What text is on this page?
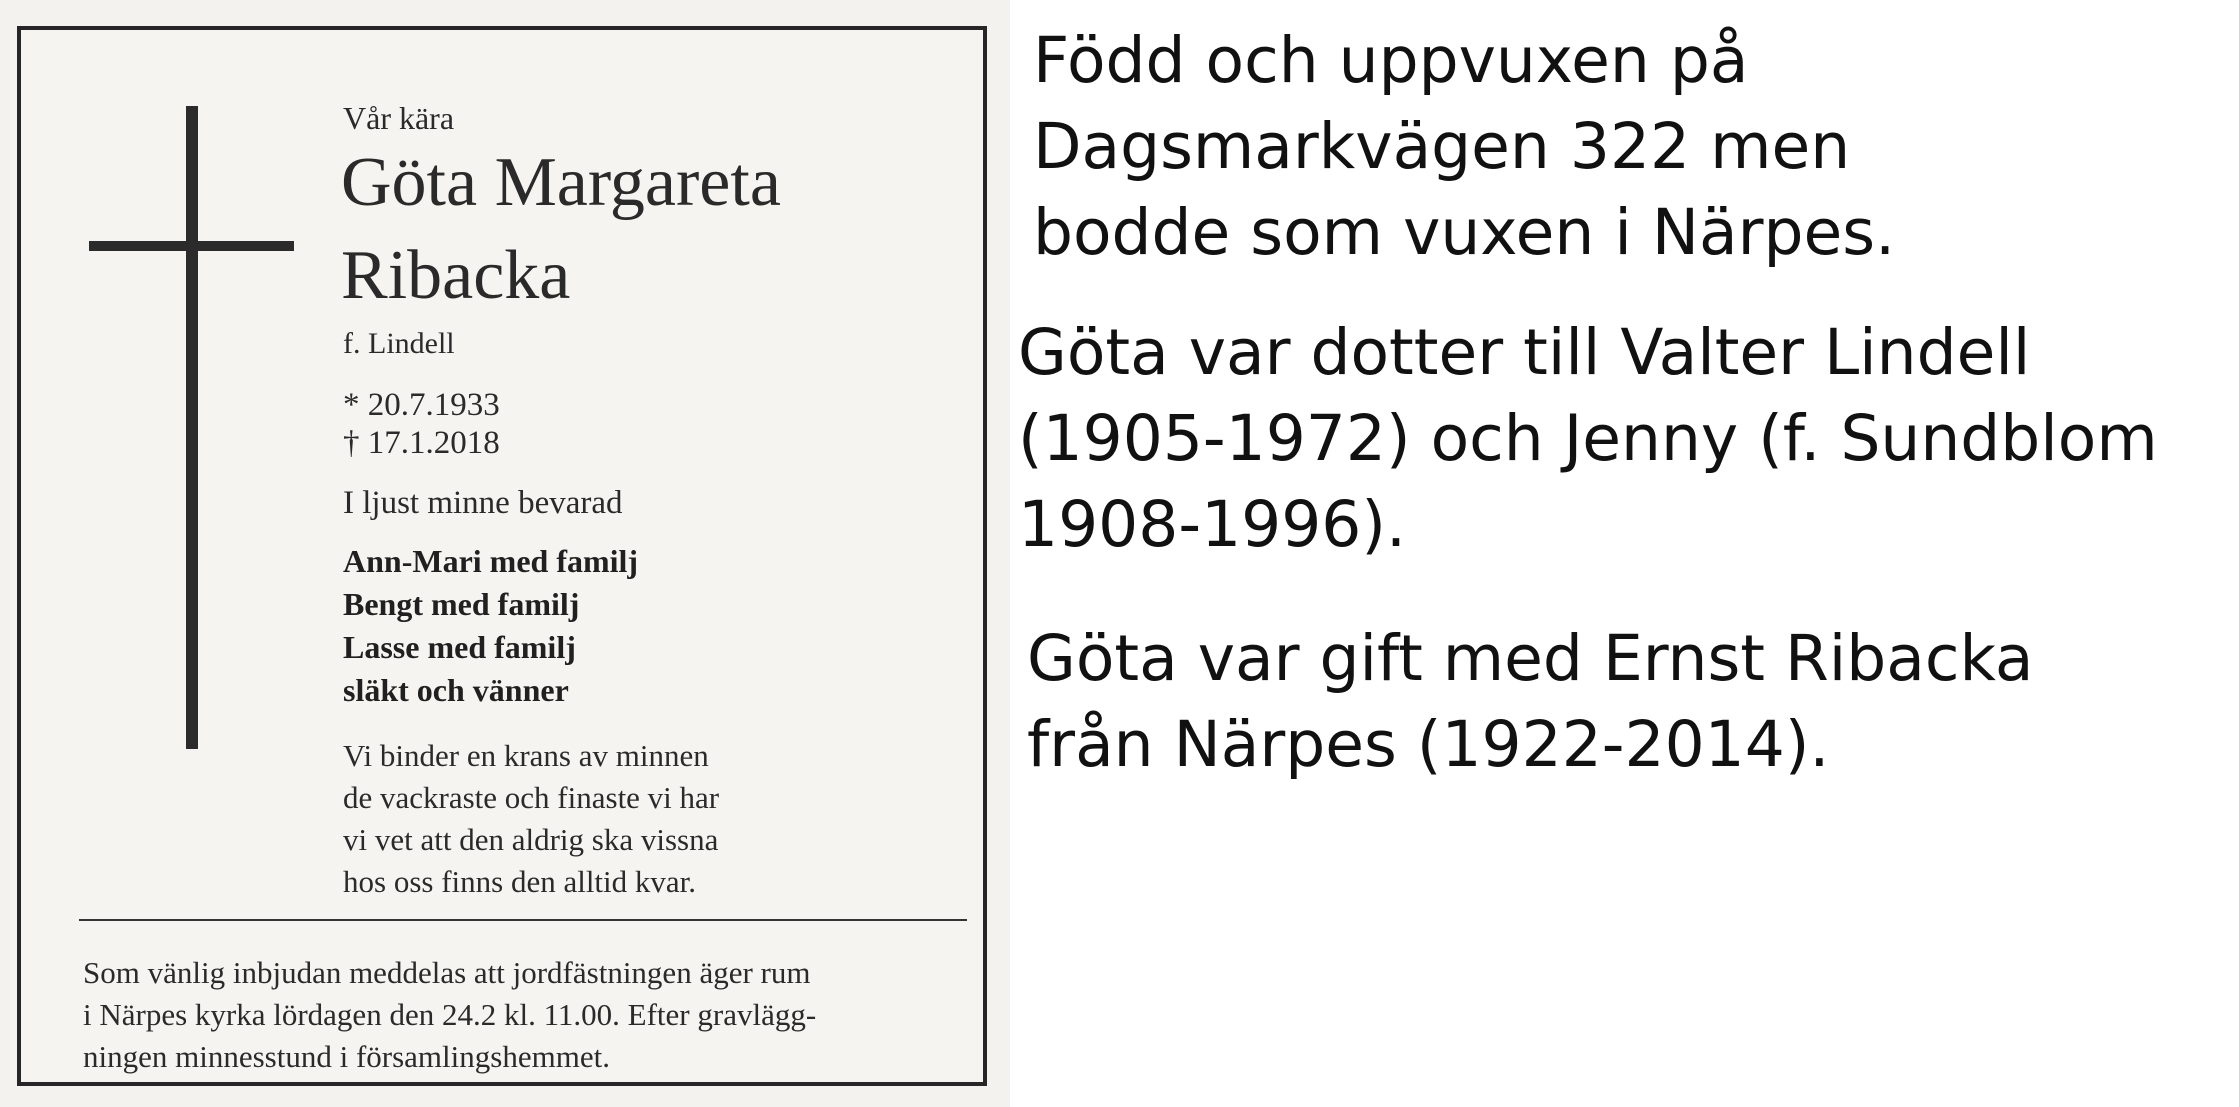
Vår kära
Göta Margareta
Ribacka
f. Lindell
* 20.7.1933
† 17.1.2018
I ljust minne bevarad
Ann-Mari med familj
Bengt med familj
Lasse med familj
släkt och vänner
Vi binder en krans av minnen
de vackraste och finaste vi har
vi vet att den aldrig ska vissna
hos oss finns den alltid kvar.
Som vänlig inbjudan meddelas att jordfästningen äger rum
i Närpes kyrka lördagen den 24.2 kl. 11.00. Efter gravlägg-
ningen minnesstund i församlingshemmet.
Född och uppvuxen på
Dagsmarkvägen 322 men
bodde som vuxen i Närpes.
Göta var dotter till Valter Lindell
(1905-1972) och Jenny (f. Sundblom
1908-1996).
Göta var gift med Ernst Ribacka
från Närpes (1922-2014).
